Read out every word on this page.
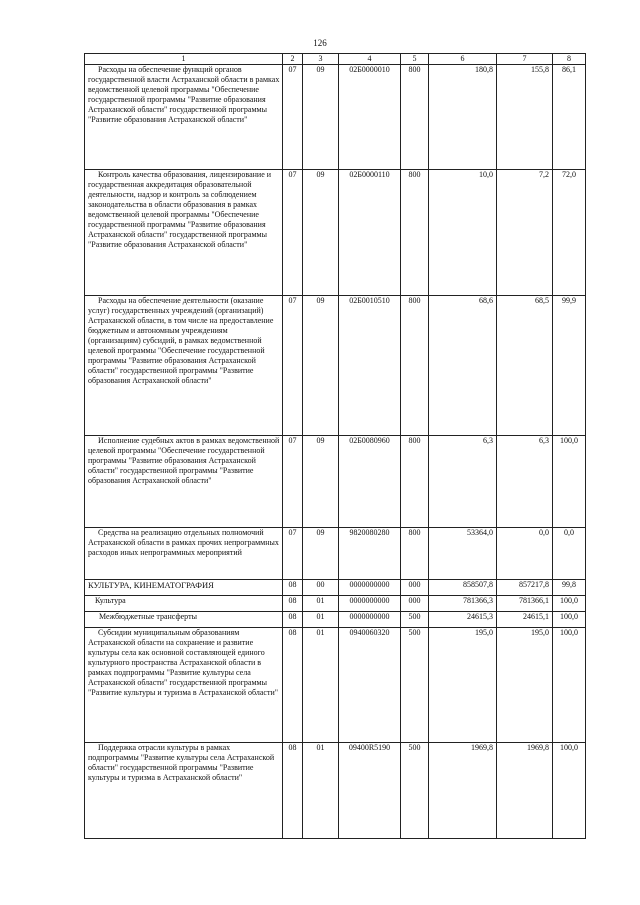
126
1	2	3	4	5	6	7	8
Расходы на обеспечение функций органов государственной власти Астраханской области в рамках ведомственной целевой программы "Обеспечение государственной программы "Развитие образования Астраханской области" государственной программы "Развитие образования Астраханской области"	07	09	02Б0000010	800	180,8	155,8	86,1
Контроль качества образования, лицензирование и государственная аккредитация образовательной деятельности, надзор и контроль за соблюдением законодательства в области образования в рамках ведомственной целевой программы "Обеспечение государственной программы "Развитие образования Астраханской области" государственной программы "Развитие образования Астраханской области"	07	09	02Б0000110	800	10,0	7,2	72,0
Расходы на обеспечение деятельности (оказание услуг) государственных учреждений (организаций) Астраханской области, в том числе на предоставление бюджетным и автономным учреждениям (организациям) субсидий, в рамках ведомственной целевой программы "Обеспечение государственной программы "Развитие образования Астраханской области" государственной программы "Развитие образования Астраханской области"	07	09	02Б0010510	800	68,6	68,5	99,9
Исполнение судебных актов в рамках ведомственной целевой программы "Обеспечение государственной программы "Развитие образования Астраханской области" государственной программы "Развитие образования Астраханской области"	07	09	02Б0080960	800	6,3	6,3	100,0
Средства на реализацию отдельных полномочий Астраханской области в рамках прочих непрограммных расходов иных непрограммных мероприятий	07	09	9820080280	800	53364,0	0,0	0,0
КУЛЬТУРА, КИНЕМАТОГРАФИЯ	08	00	0000000000	000	858507,8	857217,8	99,8
Культура	08	01	0000000000	000	781366,3	781366,1	100,0
Межбюджетные трансферты	08	01	0000000000	500	24615,3	24615,1	100,0
Субсидии муниципальным образованиям Астраханской области на сохранение и развитие культуры села как основной составляющей единого культурного пространства Астраханской области в рамках подпрограммы "Развитие культуры села Астраханской области" государственной программы "Развитие культуры и туризма в Астраханской области"	08	01	0940060320	500	195,0	195,0	100,0
Поддержка отрасли культуры в рамках подпрограммы "Развитие культуры села Астраханской области" государственной программы "Развитие культуры и туризма в Астраханской области"	08	01	09400R5190	500	1969,8	1969,8	100,0
